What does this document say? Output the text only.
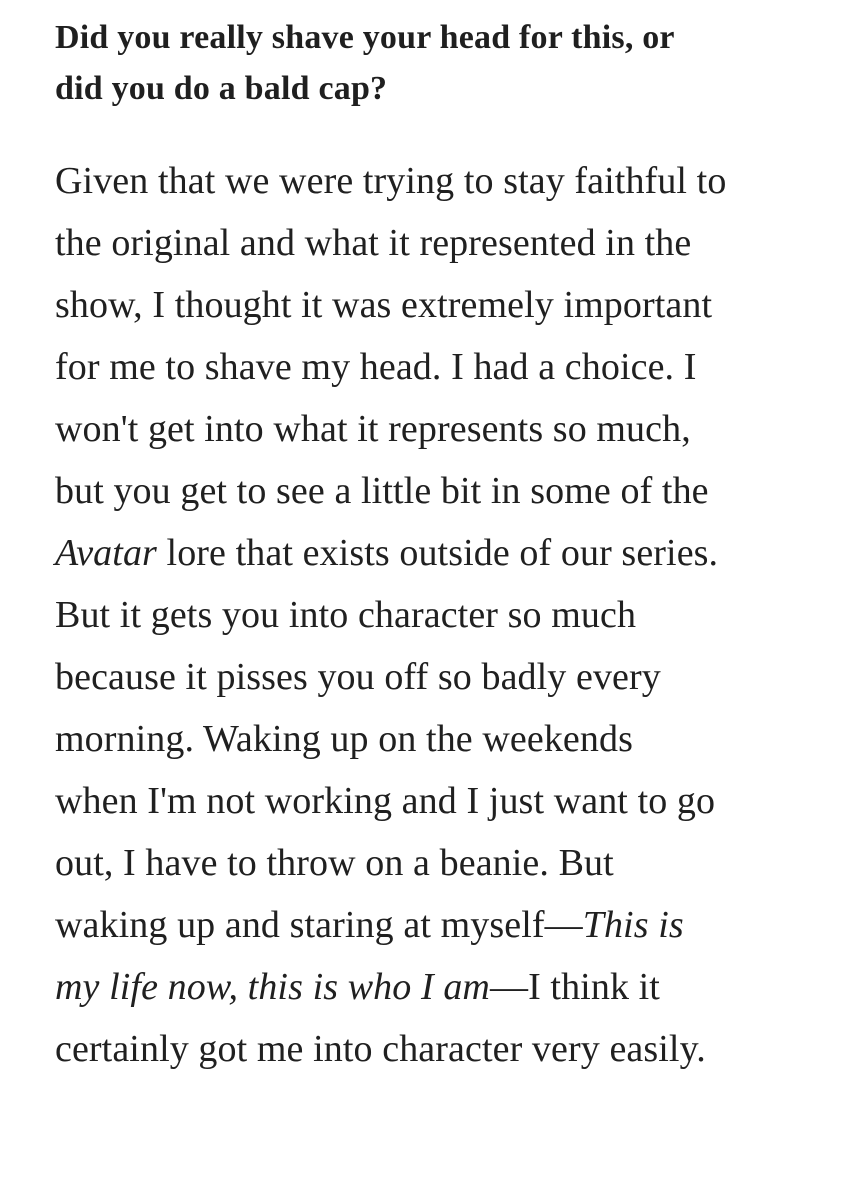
Did you really shave your head for this, or
did you do a bald cap?
Given that we were trying to stay faithful to
the original and what it represented in the
show, I thought it was extremely important
for me to shave my head. I had a choice. I
won't get into what it represents so much,
but you get to see a little bit in some of the
Avatar lore that exists outside of our series.
But it gets you into character so much
because it pisses you off so badly every
morning. Waking up on the weekends
when I'm not working and I just want to go
out, I have to throw on a beanie. But
waking up and staring at myself—This is
my life now, this is who I am—I think it
certainly got me into character very easily.
